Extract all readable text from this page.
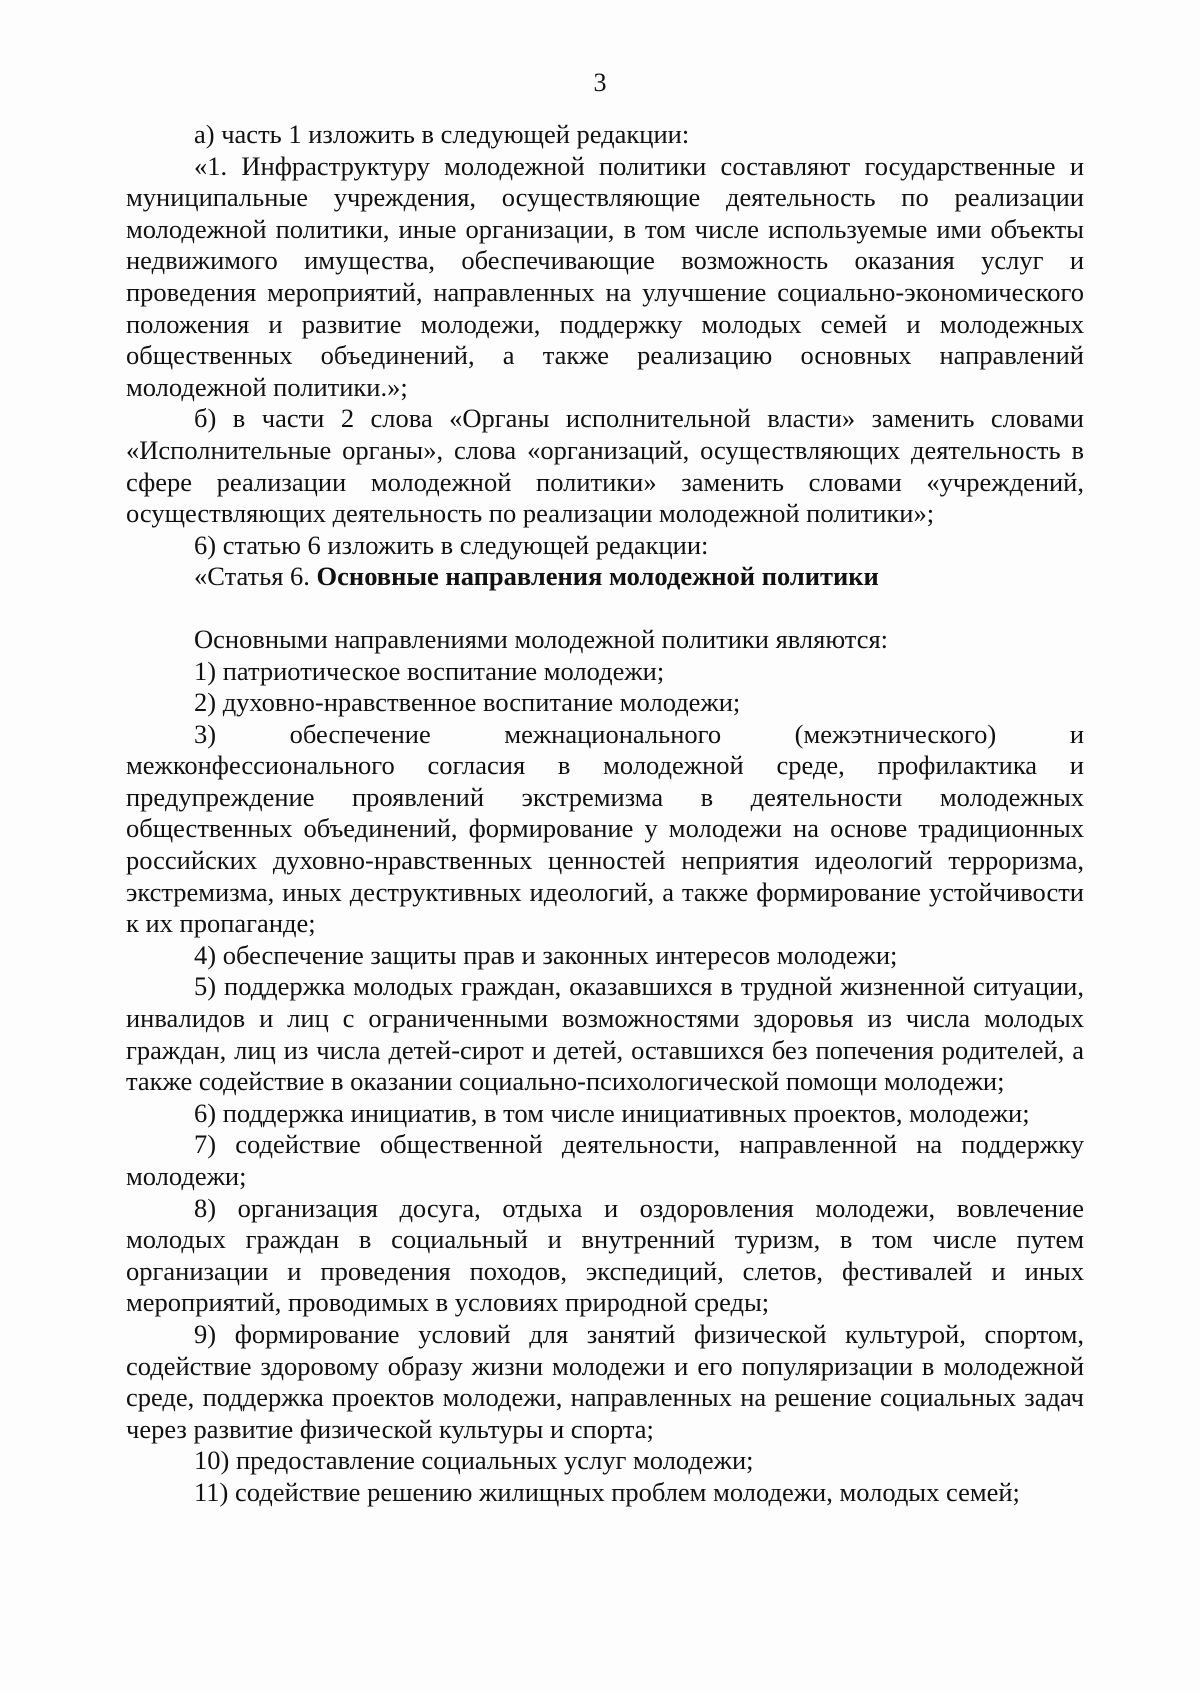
3

а) часть 1 изложить в следующей редакции:

«1. Инфраструктуру молодежной политики составляют государственные и муниципальные учреждения, осуществляющие деятельность по реализации молодежной политики, иные организации, в том числе используемые ими объекты недвижимого имущества, обеспечивающие возможность оказания услуг и проведения мероприятий, направленных на улучшение социально-экономического положения и развитие молодежи, поддержку молодых семей и молодежных общественных объединений, а также реализацию основных направлений молодежной политики.»;

б) в части 2 слова «Органы исполнительной власти» заменить словами «Исполнительные органы», слова «организаций, осуществляющих деятельность в сфере реализации молодежной политики» заменить словами «учреждений, осуществляющих деятельность по реализации молодежной политики»;

6) статью 6 изложить в следующей редакции:

«Статья 6. Основные направления молодежной политики

Основными направлениями молодежной политики являются:

1) патриотическое воспитание молодежи;

2) духовно-нравственное воспитание молодежи;

3) обеспечение межнационального (межэтнического) и межконфессионального согласия в молодежной среде, профилактика и предупреждение проявлений экстремизма в деятельности молодежных общественных объединений, формирование у молодежи на основе традиционных российских духовно-нравственных ценностей неприятия идеологий терроризма, экстремизма, иных деструктивных идеологий, а также формирование устойчивости к их пропаганде;

4) обеспечение защиты прав и законных интересов молодежи;

5) поддержка молодых граждан, оказавшихся в трудной жизненной ситуации, инвалидов и лиц с ограниченными возможностями здоровья из числа молодых граждан, лиц из числа детей-сирот и детей, оставшихся без попечения родителей, а также содействие в оказании социально-психологической помощи молодежи;

6) поддержка инициатив, в том числе инициативных проектов, молодежи;

7) содействие общественной деятельности, направленной на поддержку молодежи;

8) организация досуга, отдыха и оздоровления молодежи, вовлечение молодых граждан в социальный и внутренний туризм, в том числе путем организации и проведения походов, экспедиций, слетов, фестивалей и иных мероприятий, проводимых в условиях природной среды;

9) формирование условий для занятий физической культурой, спортом, содействие здоровому образу жизни молодежи и его популяризации в молодежной среде, поддержка проектов молодежи, направленных на решение социальных задач через развитие физической культуры и спорта;

10) предоставление социальных услуг молодежи;

11) содействие решению жилищных проблем молодежи, молодых семей;
